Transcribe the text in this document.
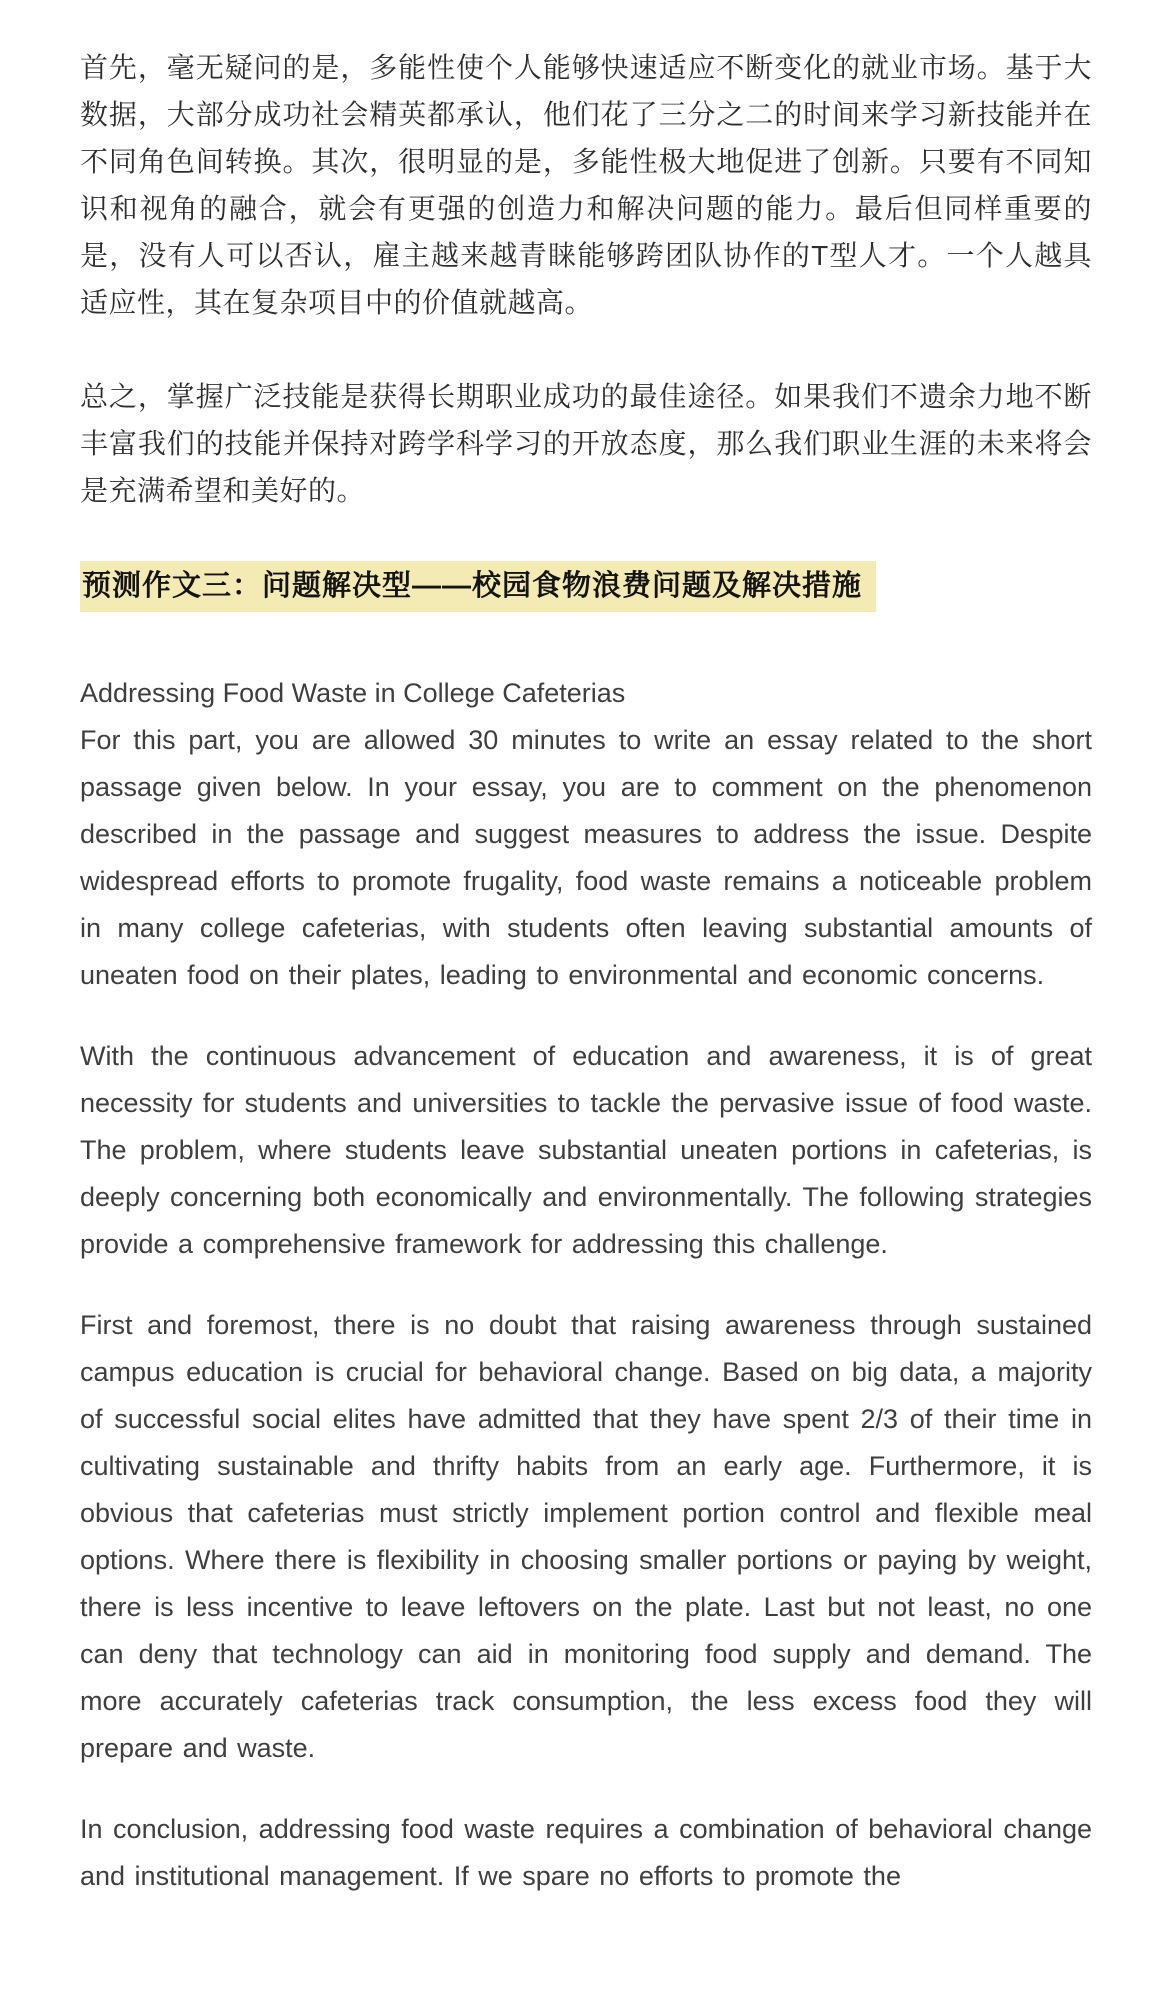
首先，毫无疑问的是，多能性使个人能够快速适应不断变化的就业市场。基于大数据，大部分成功社会精英都承认，他们花了三分之二的时间来学习新技能并在不同角色间转换。其次，很明显的是，多能性极大地促进了创新。只要有不同知识和视角的融合，就会有更强的创造力和解决问题的能力。最后但同样重要的是，没有人可以否认，雇主越来越青睐能够跨团队协作的T型人才。一个人越具适应性，其在复杂项目中的价值就越高。

总之，掌握广泛技能是获得长期职业成功的最佳途径。如果我们不遗余力地不断丰富我们的技能并保持对跨学科学习的开放态度，那么我们职业生涯的未来将会是充满希望和美好的。

预测作文三：问题解决型——校园食物浪费问题及解决措施

Addressing Food Waste in College Cafeterias

For this part, you are allowed 30 minutes to write an essay related to the short passage given below. In your essay, you are to comment on the phenomenon described in the passage and suggest measures to address the issue. Despite widespread efforts to promote frugality, food waste remains a noticeable problem in many college cafeterias, with students often leaving substantial amounts of uneaten food on their plates, leading to environmental and economic concerns.

With the continuous advancement of education and awareness, it is of great necessity for students and universities to tackle the pervasive issue of food waste. The problem, where students leave substantial uneaten portions in cafeterias, is deeply concerning both economically and environmentally. The following strategies provide a comprehensive framework for addressing this challenge.

First and foremost, there is no doubt that raising awareness through sustained campus education is crucial for behavioral change. Based on big data, a majority of successful social elites have admitted that they have spent 2/3 of their time in cultivating sustainable and thrifty habits from an early age. Furthermore, it is obvious that cafeterias must strictly implement portion control and flexible meal options. Where there is flexibility in choosing smaller portions or paying by weight, there is less incentive to leave leftovers on the plate. Last but not least, no one can deny that technology can aid in monitoring food supply and demand. The more accurately cafeterias track consumption, the less excess food they will prepare and waste.

In conclusion, addressing food waste requires a combination of behavioral change and institutional management. If we spare no efforts to promote the
